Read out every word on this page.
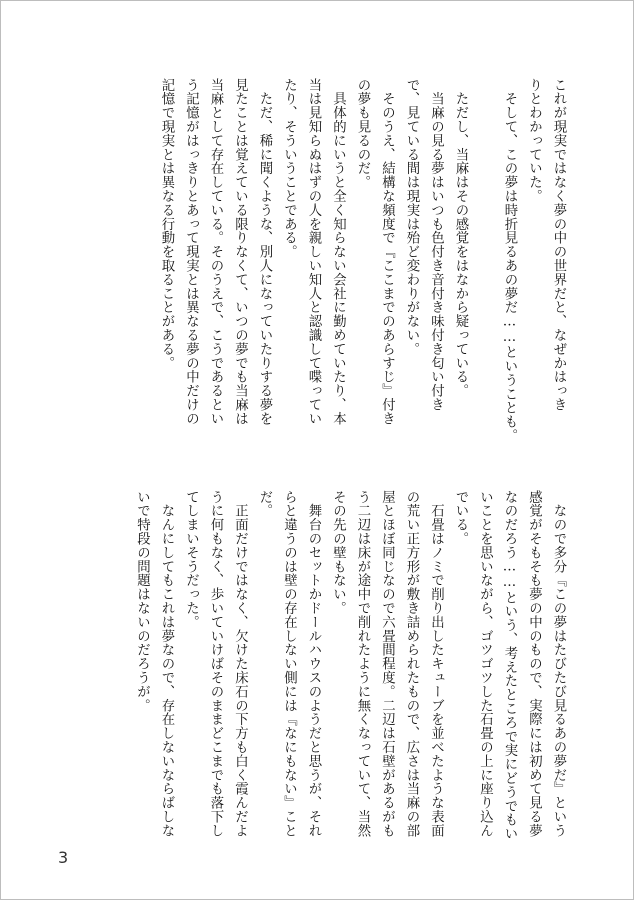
これが現実ではなく夢の中の世界だと、なぜかはっき

りとわかっていた。

　そして、この夢は時折見るあの夢だ……ということも。

　ただし、当麻はその感覚をはなから疑っている。

　当麻の見る夢はいつも色付き音付き味付き匂い付き

で、見ている間は現実は殆ど変わりがない。

　そのうえ、結構な頻度で『ここまでのあらすじ』付き

の夢も見るのだ。

　具体的にいうと全く知らない会社に勤めていたり、本

当は見知らぬはずの人を親しい知人と認識して喋ってい

たり、そういうことである。

　ただ、稀に聞くような、別人になっていたりする夢を

見たことは覚えている限りなくて、いつの夢でも当麻は

当麻として存在している。そのうえで、こうであるとい

う記憶がはっきりとあって現実とは異なる夢の中だけの

記憶で現実とは異なる行動を取ることがある。

　なので多分『この夢はたびたび見るあの夢だ』という

感覚がそもそも夢の中のもので、実際には初めて見る夢

なのだろう……という、考えたところで実にどうでもい

いことを思いながら、ゴツゴツした石畳の上に座り込ん

でいる。

　石畳はノミで削り出したキューブを並べたような表面

の荒い正方形が敷き詰められたもので、広さは当麻の部

屋とほぼ同じなので六畳間程度。二辺は石壁があるがも

う二辺は床が途中で削れたように無くなっていて、当然

その先の壁もない。

　舞台のセットかドールハウスのようだと思うが、それ

らと違うのは壁の存在しない側には『なにもない』こと

だ。

　正面だけではなく、欠けた床石の下方も白く霞んだよ

うに何もなく、歩いていけばそのままどこまでも落下し

てしまいそうだった。

　なんにしてもこれは夢なので、存在しないならばしな

いで特段の問題はないのだろうが。

3
